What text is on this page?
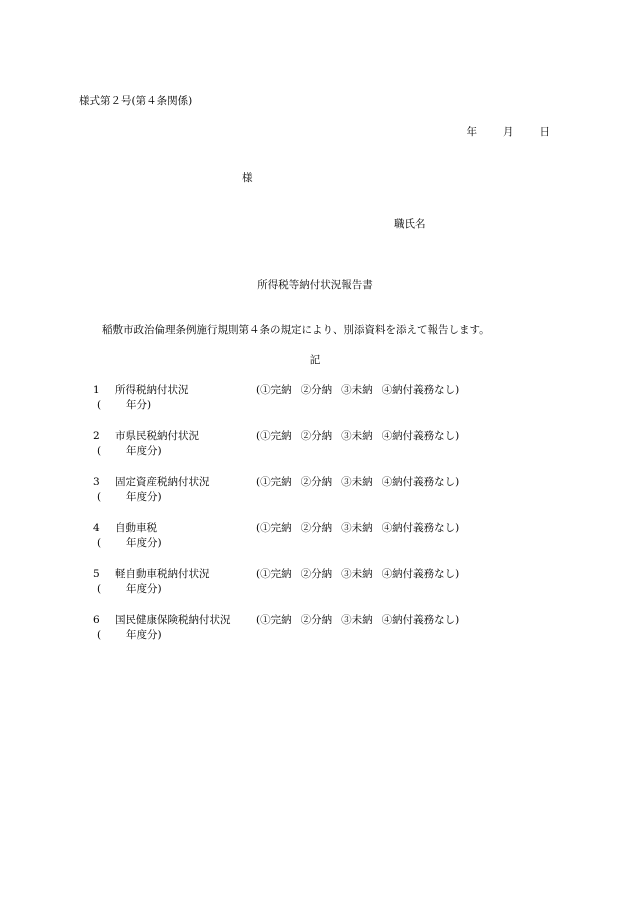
様式第２号(第４条関係)
年 月 日
様
職氏名
所得税等納付状況報告書
稲敷市政治倫理条例施行規則第４条の規定により、別添資料を添えて報告します。
記
1 所得税納付状況	(①完納 ②分納 ③未納 ④納付義務なし)
( 年分)
2 市県民税納付状況	(①完納 ②分納 ③未納 ④納付義務なし)
( 年度分)
3 固定資産税納付状況	(①完納 ②分納 ③未納 ④納付義務なし)
( 年度分)
4 自動車税	(①完納 ②分納 ③未納 ④納付義務なし)
( 年度分)
5 軽自動車税納付状況	(①完納 ②分納 ③未納 ④納付義務なし)
( 年度分)
6 国民健康保険税納付状況 (①完納 ②分納 ③未納 ④納付義務なし)
( 年度分)
